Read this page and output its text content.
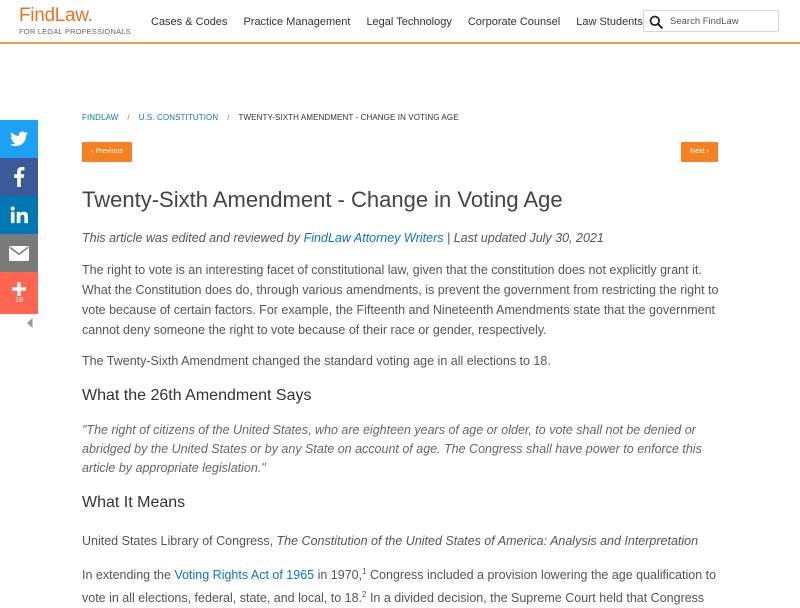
FindLaw.
FOR LEGAL PROFESSIONALS
Cases & Codes Practice Management Legal Technology Corporate Counsel Law Students
Search FindLaw
18
FINDLAW / U.S. CONSTITUTION / TWENTY-SIXTH AMENDMENT - CHANGE IN VOTING AGE
‹ Previous	Next ›
Twenty-Sixth Amendment - Change in Voting Age
This article was edited and reviewed by FindLaw Attorney Writers | Last updated July 30, 2021

The right to vote is an interesting facet of constitutional law, given that the constitution does not explicitly grant it. What the Constitution does do, through various amendments, is prevent the government from restricting the right to vote because of certain factors. For example, the Fifteenth and Nineteenth Amendments state that the government cannot deny someone the right to vote because of their race or gender, respectively.

The Twenty-Sixth Amendment changed the standard voting age in all elections to 18.

What the 26th Amendment Says

"The right of citizens of the United States, who are eighteen years of age or older, to vote shall not be denied or abridged by the United States or by any State on account of age. The Congress shall have power to enforce this article by appropriate legislation."

What It Means

United States Library of Congress, The Constitution of the United States of America: Analysis and Interpretation

In extending the Voting Rights Act of 1965 in 1970,$^1$ Congress included a provision lowering the age qualification to vote in all elections, federal, state, and local, to 18.$^2$ In a divided decision, the Supreme Court held that Congress
